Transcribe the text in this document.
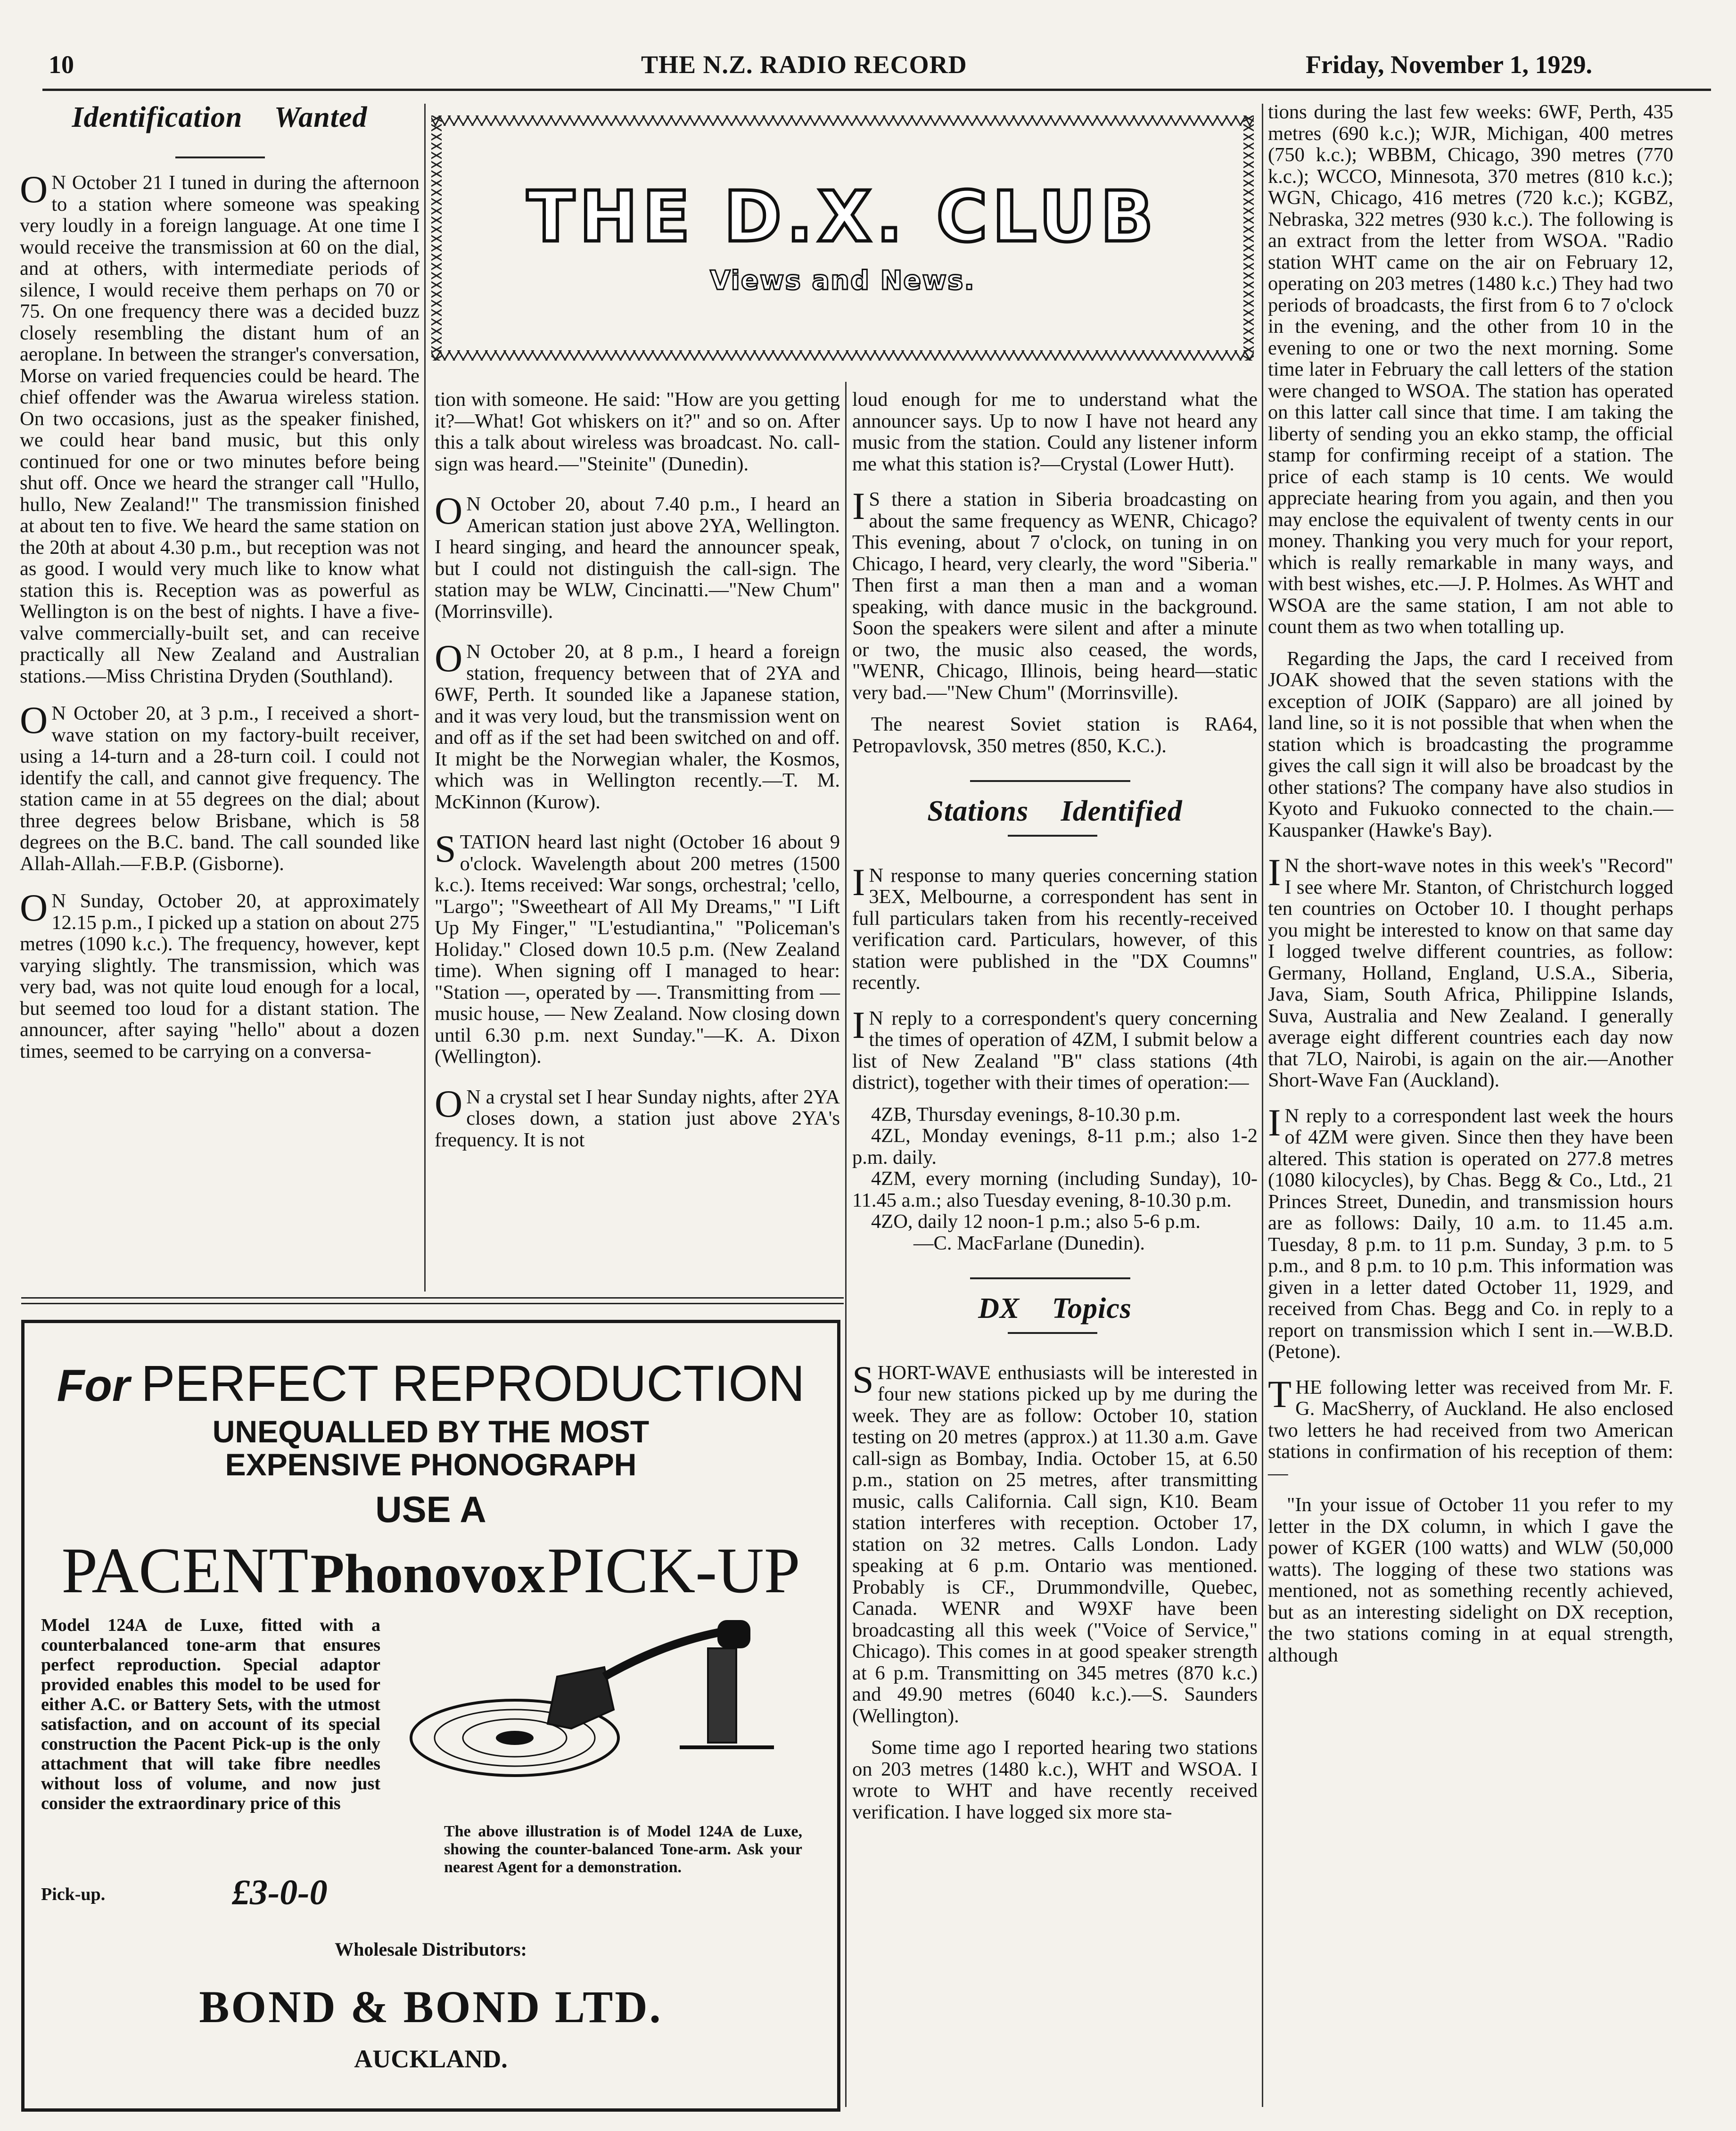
10	THE N.Z. RADIO RECORD	Friday, November 1, 1929.
Identification Wanted

O N October 21 I tuned in during the afternoon to a station where someone was speaking very loudly in a foreign language. At one time I would receive the transmission at 60 on the dial, and at others, with intermediate periods of silence, I would receive them perhaps on 70 or 75. On one frequency there was a decided buzz closely resembling the distant hum of an aeroplane. In between the stranger's conversation, Morse on varied frequencies could be heard. The chief offender was the Awarua wireless station. On two occasions, just as the speaker finished, we could hear band music, but this only continued for one or two minutes before being shut off. Once we heard the stranger call "Hullo, hullo, New Zealand!" The transmission finished at about ten to five. We heard the same station on the 20th at about 4.30 p.m., but reception was not as good. I would very much like to know what station this is. Reception was as powerful as Wellington is on the best of nights. I have a five-valve commercially-built set, and can receive practically all New Zealand and Australian stations.—Miss Christina Dryden (Southland).

O N October 20, at 3 p.m., I received a short-wave station on my factory-built receiver, using a 14-turn and a 28-turn coil. I could not identify the call, and cannot give frequency. The station came in at 55 degrees on the dial; about three degrees below Brisbane, which is 58 degrees on the B.C. band. The call sounded like Allah-Allah.—F.B.P. (Gisborne).

O N Sunday, October 20, at approximately 12.15 p.m., I picked up a station on about 275 metres (1090 k.c.). The frequency, however, kept varying slightly. The transmission, which was very bad, was not quite loud enough for a local, but seemed too loud for a distant station. The announcer, after saying "hello" about a dozen times, seemed to be carrying on a conversa-

THE D.X. CLUB
Views and News.

tion with someone. He said: "How are you getting it?—What! Got whiskers on it?" and so on. After this a talk about wireless was broadcast. No. call-sign was heard.—"Steinite" (Dunedin).

O N October 20, about 7.40 p.m., I heard an American station just above 2YA, Wellington. I heard singing, and heard the announcer speak, but I could not distinguish the call-sign. The station may be WLW, Cincinatti.—"New Chum" (Morrinsville).

O N October 20, at 8 p.m., I heard a foreign station, frequency between that of 2YA and 6WF, Perth. It sounded like a Japanese station, and it was very loud, but the transmission went on and off as if the set had been switched on and off. It might be the Norwegian whaler, the Kosmos, which was in Wellington recently.—T. M. McKinnon (Kurow).

STATION heard last night (October 16 about 9 o'clock. Wavelength about 200 metres (1500 k.c.). Items received: War songs, orchestral; 'cello, "Largo"; "Sweetheart of All My Dreams," "I Lift Up My Finger," "L'estudiantina," "Policeman's Holiday." Closed down 10.5 p.m. (New Zealand time). When signing off I managed to hear: "Station —, operated by —. Transmitting from — music house, — New Zealand. Now closing down until 6.30 p.m. next Sunday."—K. A. Dixon (Wellington).

O N a crystal set I hear Sunday nights, after 2YA closes down, a station just above 2YA's frequency. It is not

loud enough for me to understand what the announcer says. Up to now I have not heard any music from the station. Could any listener inform me what this station is?—Crystal (Lower Hutt).

I S there a station in Siberia broadcasting on about the same frequency as WENR, Chicago? This evening, about 7 o'clock, on tuning in on Chicago, I heard, very clearly, the word "Siberia." Then first a man then a man and a woman speaking, with dance music in the background. Soon the speakers were silent and after a minute or two, the music also ceased, the words, "WENR, Chicago, Illinois, being heard—static very bad.—"New Chum" (Morrinsville).

The nearest Soviet station is RA64, Petropavlovsk, 350 metres (850, K.C.).

Stations Identified

I N response to many queries concerning station 3EX, Melbourne, a correspondent has sent in full particulars taken from his recently-received verification card. Particulars, however, of this station were published in the "DX Coumns" recently.

I N reply to a correspondent's query concerning the times of operation of 4ZM, I submit below a list of New Zealand "B" class stations (4th district), together with their times of operation:—

4ZB, Thursday evenings, 8-10.30 p.m.

4ZL, Monday evenings, 8-11 p.m.; also 1-2 p.m. daily.

4ZM, every morning (including Sunday), 10-11.45 a.m.; also Tuesday evening, 8-10.30 p.m.

4ZO, daily 12 noon-1 p.m.; also 5-6 p.m.

—C. MacFarlane (Dunedin).

DX Topics

SHORT-WAVE enthusiasts will be interested in four new stations picked up by me during the week. They are as follow: October 10, station testing on 20 metres (approx.) at 11.30 a.m. Gave call-sign as Bombay, India. October 15, at 6.50 p.m., station on 25 metres, after transmitting music, calls California. Call sign, K10. Beam station interferes with reception. October 17, station on 32 metres. Calls London. Lady speaking at 6 p.m. Ontario was mentioned. Probably is CF., Drummondville, Quebec, Canada. WENR and W9XF have been broadcasting all this week ("Voice of Service," Chicago). This comes in at good speaker strength at 6 p.m. Transmitting on 345 metres (870 k.c.) and 49.90 metres (6040 k.c.).—S. Saunders (Wellington).

Some time ago I reported hearing two stations on 203 metres (1480 k.c.), WHT and WSOA. I wrote to WHT and have recently received verification. I have logged six more sta-

tions during the last few weeks: 6WF, Perth, 435 metres (690 k.c.); WJR, Michigan, 400 metres (750 k.c.); WBBM, Chicago, 390 metres (770 k.c.); WCCO, Minnesota, 370 metres (810 k.c.); WGN, Chicago, 416 metres (720 k.c.); KGBZ, Nebraska, 322 metres (930 k.c.). The following is an extract from the letter from WSOA. "Radio station WHT came on the air on February 12, operating on 203 metres (1480 k.c.) They had two periods of broadcasts, the first from 6 to 7 o'clock in the evening, and the other from 10 in the evening to one or two the next morning. Some time later in February the call letters of the station were changed to WSOA. The station has operated on this latter call since that time. I am taking the liberty of sending you an ekko stamp, the official stamp for confirming receipt of a station. The price of each stamp is 10 cents. We would appreciate hearing from you again, and then you may enclose the equivalent of twenty cents in our money. Thanking you very much for your report, which is really remarkable in many ways, and with best wishes, etc.—J. P. Holmes. As WHT and WSOA are the same station, I am not able to count them as two when totalling up.

Regarding the Japs, the card I received from JOAK showed that the seven stations with the exception of JOIK (Sapparo) are all joined by land line, so it is not possible that when when the station which is broadcasting the programme gives the call sign it will also be broadcast by the other stations? The company have also studios in Kyoto and Fukuoko connected to the chain.—Kauspanker (Hawke's Bay).

I N the short-wave notes in this week's "Record" I see where Mr. Stanton, of Christchurch logged ten countries on October 10. I thought perhaps you might be interested to know on that same day I logged twelve different countries, as follow: Germany, Holland, England, U.S.A., Siberia, Java, Siam, South Africa, Philippine Islands, Suva, Australia and New Zealand. I generally average eight different countries each day now that 7LO, Nairobi, is again on the air.—Another Short-Wave Fan (Auckland).

I N reply to a correspondent last week the hours of 4ZM were given. Since then they have been altered. This station is operated on 277.8 metres (1080 kilocycles), by Chas. Begg & Co., Ltd., 21 Princes Street, Dunedin, and transmission hours are as follows: Daily, 10 a.m. to 11.45 a.m. Tuesday, 8 p.m. to 11 p.m. Sunday, 3 p.m. to 5 p.m., and 8 p.m. to 10 p.m. This information was given in a letter dated October 11, 1929, and received from Chas. Begg and Co. in reply to a report on transmission which I sent in.—W.B.D. (Petone).

THE following letter was received from Mr. F. G. MacSherry, of Auckland. He also enclosed two letters he had received from two American stations in confirmation of his reception of them:—

"In your issue of October 11 you refer to my letter in the DX column, in which I gave the power of KGER (100 watts) and WLW (50,000 watts). The logging of these two stations was mentioned, not as something recently achieved, but as an interesting sidelight on DX reception, the two stations coming in at equal strength, although

For PERFECT REPRODUCTION
UNEQUALLED BY THE MOST
EXPENSIVE PHONOGRAPH
USE A
PACENT Phonovox PICK-UP
Model 124A de Luxe, fitted with a counterbalanced tone-arm that ensures perfect reproduction. Special adaptor provided enables this model to be used for either A.C. or Battery Sets, with the utmost satisfaction, and on account of its special construction the Pacent Pick-up is the only attachment that will take fibre needles without loss of volume, and now just consider the extraordinary price of this
Pick-up.	£3-0-0
The above illustration is of Model 124A de Luxe, showing the counter-balanced Tone-arm. Ask your nearest Agent for a demonstration.
Wholesale Distributors:
BOND & BOND LTD.
AUCKLAND.
